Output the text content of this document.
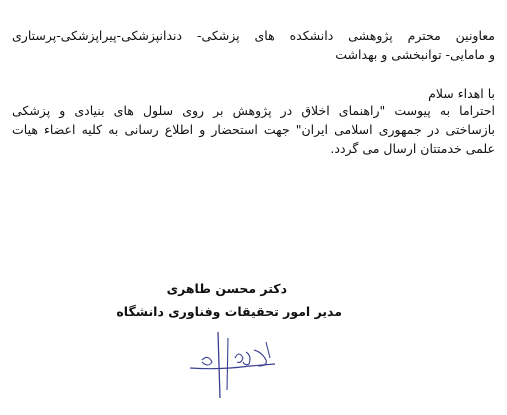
معاونین محترم پژوهشی دانشکده های پزشکی- دندانپزشکی-پیراپزشکی-پرستاری
و مامایی- توانبخشی و بهداشت
با اهداء سلام
احتراما به پیوست "راهنمای اخلاق در پژوهش بر روی سلول های بنیادی و پزشکی
بازساختی در جمهوری اسلامی ایران" جهت استحضار و اطلاع رسانی به کلیه اعضاء هیات
علمی خدمتتان ارسال می گردد.
دکتر محسن طاهری
مدیر امور تحقیقات وفناوری دانشگاه
